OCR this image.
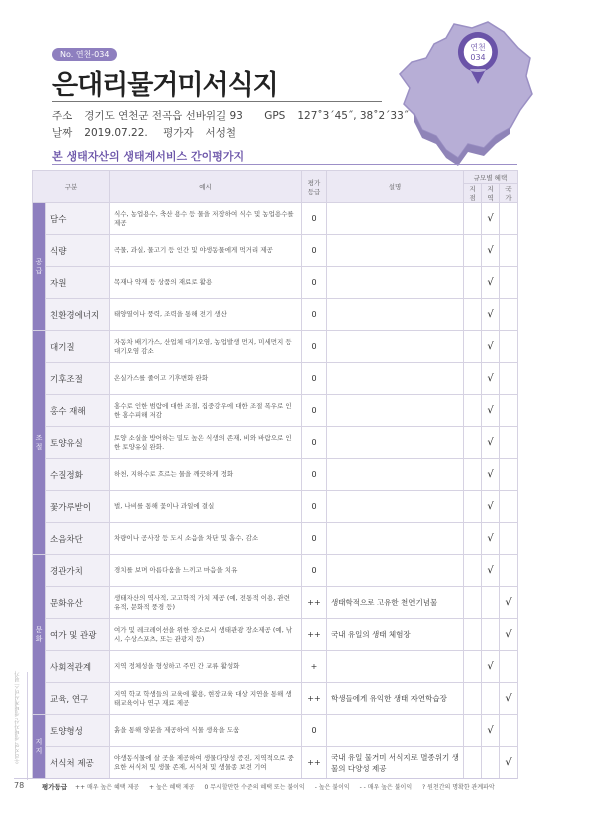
No. 연천-034
은대리물거미서식지
주소 경기도 연천군 전곡읍 선바위길 93 GPS 127˚3´45˝, 38˚2´33˝
날짜 2019.07.22. 평가자 서성철
연천
034
본 생태자산의 생태계서비스 간이평가지
구분		예시	평가등급	설명	규모별 혜택		
					지점	지역	국가
공급	담수	식수, 농업용수, 축산 용수 등 물을 저장하여 식수 및 농업용수를 제공	0			√	
	식량	곡물, 과실, 물고기 등 인간 및 야생동물에게 먹거리 제공	0			√	
	자원	목재나 약재 등 상품의 재료로 활용	0			√	
	친환경에너지	태양열이나 풍력, 조력을 통해 전기 생산	0			√	
조절	대기질	자동차 배기가스, 산업체 대기오염, 농업발생 먼지, 미세먼지 등 대기오염 감소	0			√	
	기후조절	온실가스를 줄이고 기후변화 완화	0			√	
	홍수 재해	홍수로 인한 범람에 대한 조절, 집중강우에 대한 조절 폭우로 인한 홍수피해 저감	0			√	
	토양유실	토양 소실을 방어하는 밀도 높은 식생의 존재, 비와 바람으로 인한 토양유실 완화.	0			√	
	수질정화	하천, 지하수로 흐르는 물을 깨끗하게 정화	0			√	
	꽃가루받이	벌, 나비를 통해 꽃이나 과일에 결실	0			√	
	소음차단	차량이나 공사장 등 도시 소음을 차단 및 흡수, 감소	0			√	
문화	경관가치	경치를 보며 아름다움을 느끼고 마음을 치유	0			√	
	문화유산	생태자산의 역사적, 고고학적 가치 제공 (예, 전통적 이용, 관련 유적, 문화적 풍경 등)	++	생태학적으로 고유한 천연기념물			√
	여가 및 관광	여가 및 레크레이션을 위한 장소로서 생태관광 장소제공 (예, 낚시, 수상스포츠, 또는 관광지 등)	++	국내 유일의 생태 체험장			√
	사회적관계	지역 정체성을 형성하고 주민 간 교류 활성화	+			√	
	교육, 연구	지역 학교 학생들의 교육에 활용, 현장교육 대상 지연을 통해 생태교육이나 연구 재료 제공	++	학생들에게 유익한 생태 자연학습장			√
지지	토양형성	흙을 통해 양분을 제공하여 식물 생육을 도움	0			√	
	서식처 제공	야생동식물에 살 곳을 제공하여 생물다양성 증진, 지역적으로 중요한 서식처 및 생물 존재, 서식처 및 생물종 보전 기여	++	국내 유일 물거미 서식지로 멸종위기 생물의 다양성 제공			√
우리지역 생태자산 생태계서비스 평가
78	평가등급 ++ 매우 높은 혜택 제공 + 높은 혜택 제공 0 무시할만한 수준의 혜택 또는 불이익 - 높은 불이익 - - 매우 높은 불이익 ? 원천간의 명확한 관계파악
